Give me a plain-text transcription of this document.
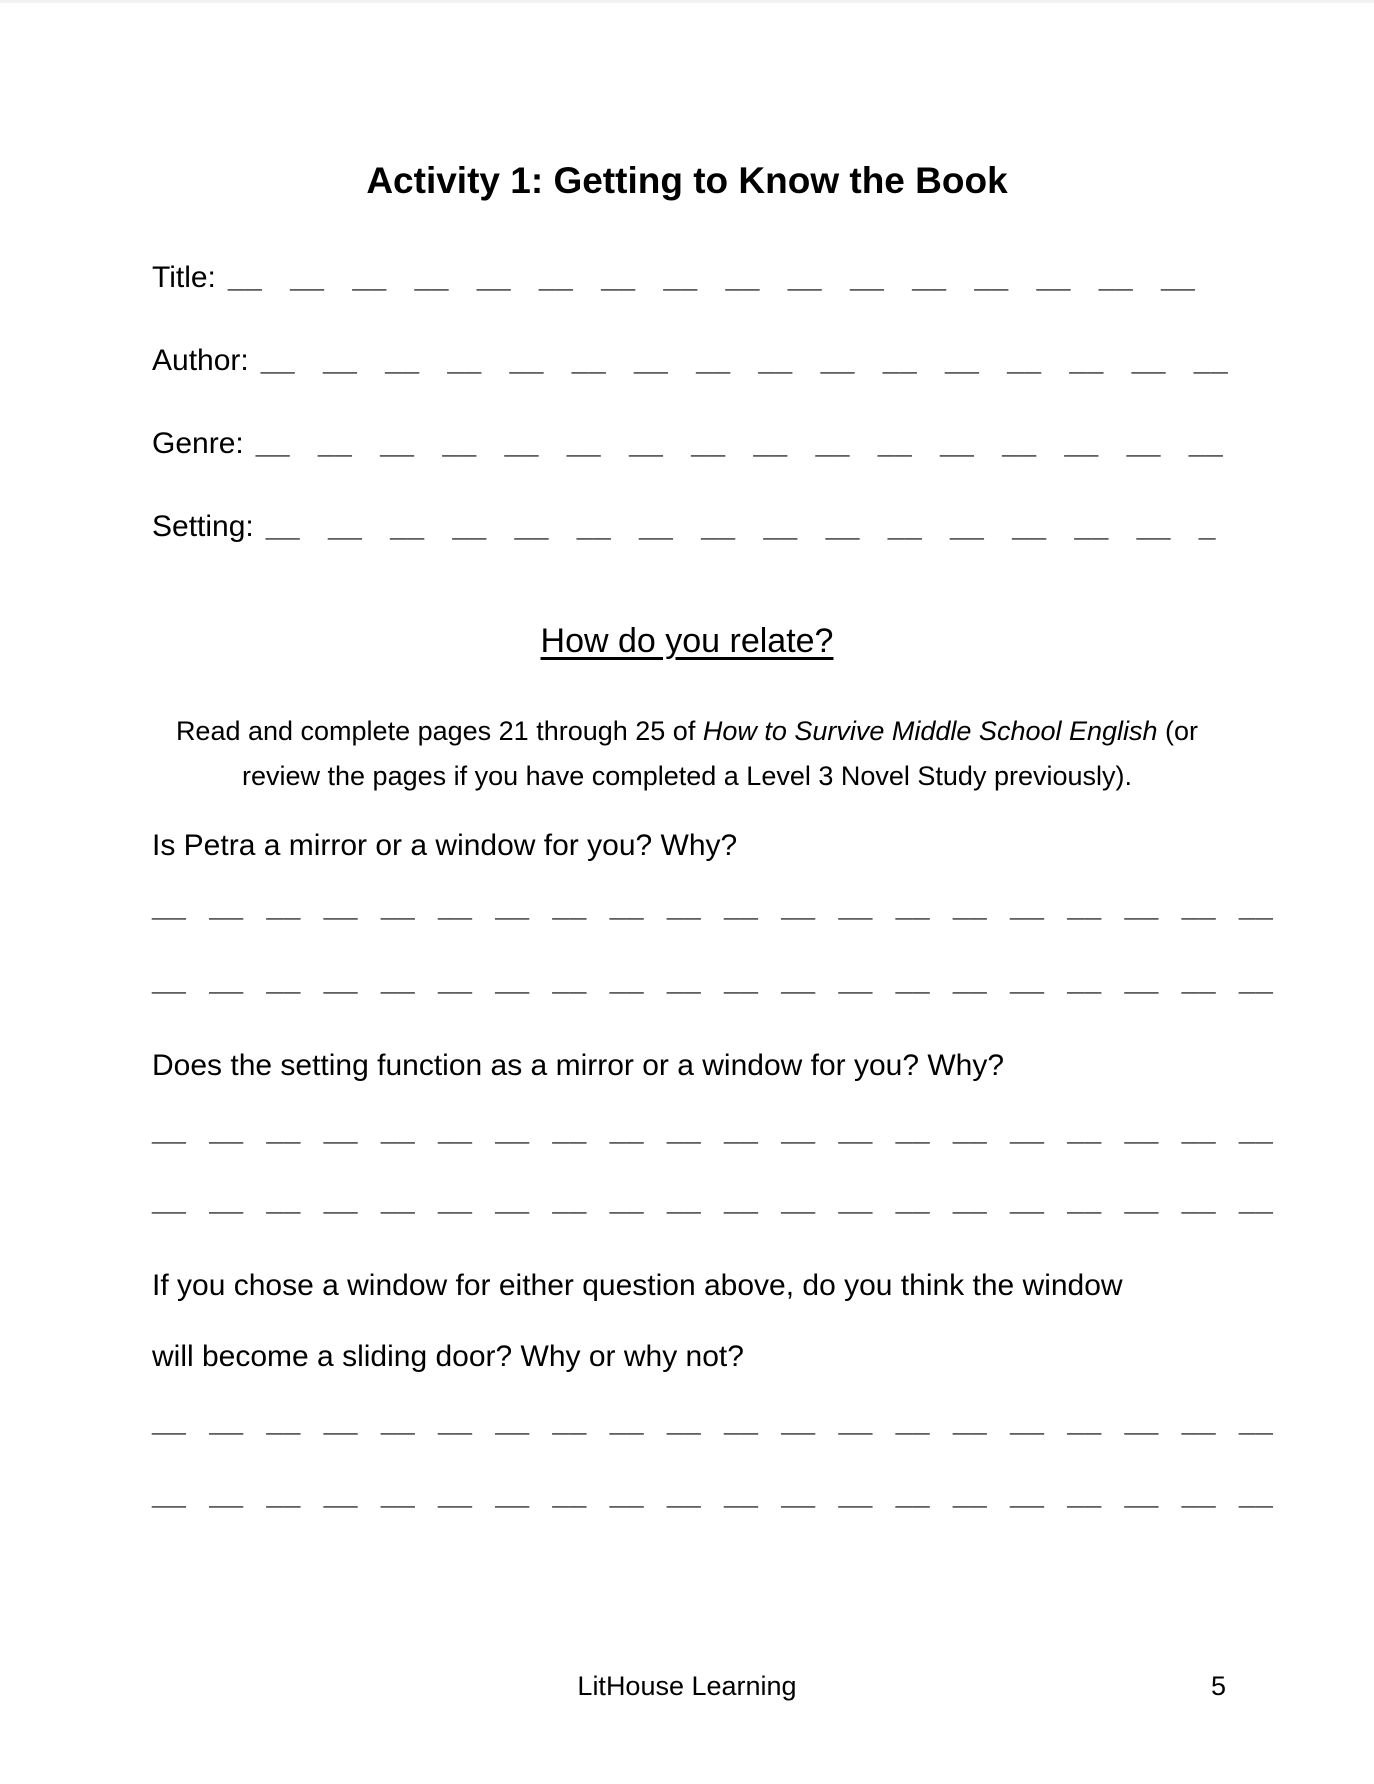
Activity 1: Getting to Know the Book
Title: __ __ __ __ __ __ __ __ __ __ __ __ __ __ __ __
Author: __ __ __ __ __ __ __ __ __ __ __ __ __ __ __ __
Genre: __ __ __ __ __ __ __ __ __ __ __ __ __ __ __ __
Setting: __ __ __ __ __ __ __ __ __ __ __ __ __ __ __ _
How do you relate?
Read and complete pages 21 through 25 of How to Survive Middle School English (or review the pages if you have completed a Level 3 Novel Study previously).
Is Petra a mirror or a window for you? Why?
__ __ __ __ __ __ __ __ __ __ __ __ __ __ __ __ __ __ __ __
__ __ __ __ __ __ __ __ __ __ __ __ __ __ __ __ __ __ __ __
Does the setting function as a mirror or a window for you? Why?
__ __ __ __ __ __ __ __ __ __ __ __ __ __ __ __ __ __ __ __
__ __ __ __ __ __ __ __ __ __ __ __ __ __ __ __ __ __ __ __
If you chose a window for either question above, do you think the window
will become a sliding door? Why or why not?
__ __ __ __ __ __ __ __ __ __ __ __ __ __ __ __ __ __ __ __
__ __ __ __ __ __ __ __ __ __ __ __ __ __ __ __ __ __ __ __
LitHouse Learning	5
